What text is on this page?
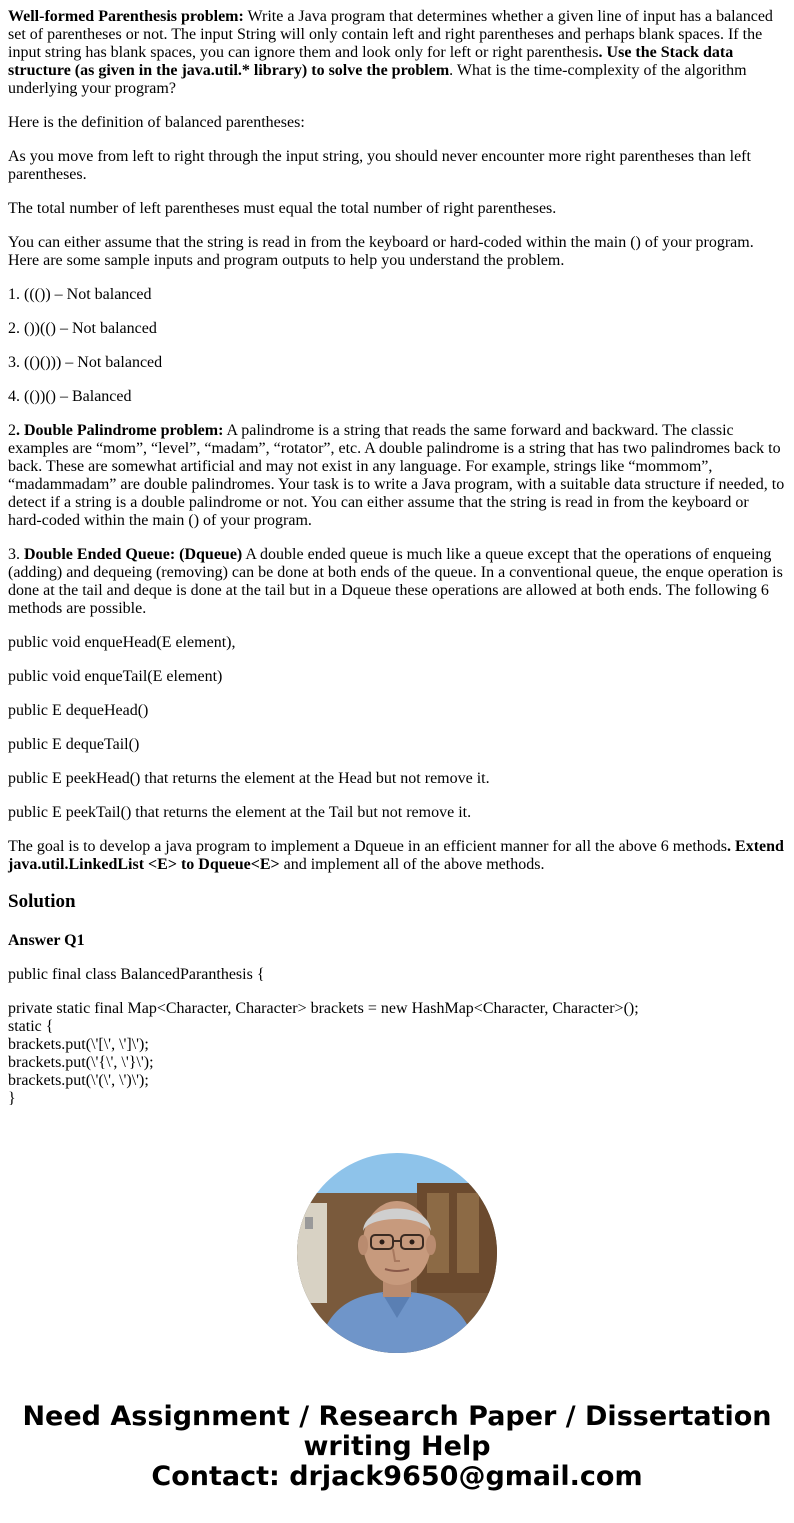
Well-formed Parenthesis problem: Write a Java program that determines whether a given line of input has a balanced set of parentheses or not. The input String will only contain left and right parentheses and perhaps blank spaces. If the input string has blank spaces, you can ignore them and look only for left or right parenthesis. Use the Stack data structure (as given in the java.util.* library) to solve the problem. What is the time-complexity of the algorithm underlying your program?

Here is the definition of balanced parentheses:

As you move from left to right through the input string, you should never encounter more right parentheses than left parentheses.

The total number of left parentheses must equal the total number of right parentheses.

You can either assume that the string is read in from the keyboard or hard-coded within the main () of your program. Here are some sample inputs and program outputs to help you understand the problem.

1. ((()) – Not balanced

2. ())(() – Not balanced

3. (()())) – Not balanced

4. (())() – Balanced

2. Double Palindrome problem: A palindrome is a string that reads the same forward and backward. The classic examples are “mom”, “level”, “madam”, “rotator”, etc. A double palindrome is a string that has two palindromes back to back. These are somewhat artificial and may not exist in any language. For example, strings like “mommom”, “madammadam” are double palindromes. Your task is to write a Java program, with a suitable data structure if needed, to detect if a string is a double palindrome or not. You can either assume that the string is read in from the keyboard or hard-coded within the main () of your program.

3. Double Ended Queue: (Dqueue) A double ended queue is much like a queue except that the operations of enqueing (adding) and dequeing (removing) can be done at both ends of the queue. In a conventional queue, the enque operation is done at the tail and deque is done at the tail but in a Dqueue these operations are allowed at both ends. The following 6 methods are possible.

public void enqueHead(E element),

public void enqueTail(E element)

public E dequeHead()

public E dequeTail()

public E peekHead() that returns the element at the Head but not remove it.

public E peekTail() that returns the element at the Tail but not remove it.

The goal is to develop a java program to implement a Dqueue in an efficient manner for all the above 6 methods. Extend java.util.LinkedList <E> to Dqueue<E> and implement all of the above methods.

Solution

Answer Q1

public final class BalancedParanthesis {

private static final Map<Character, Character> brackets = new HashMap<Character, Character>();
static {
brackets.put(\'[\', \']\');
brackets.put(\'{\', \'}\');
brackets.put(\'(\', \')\');
}
Need Assignment / Research Paper / Dissertation
writing Help
Contact: drjack9650@gmail.com
